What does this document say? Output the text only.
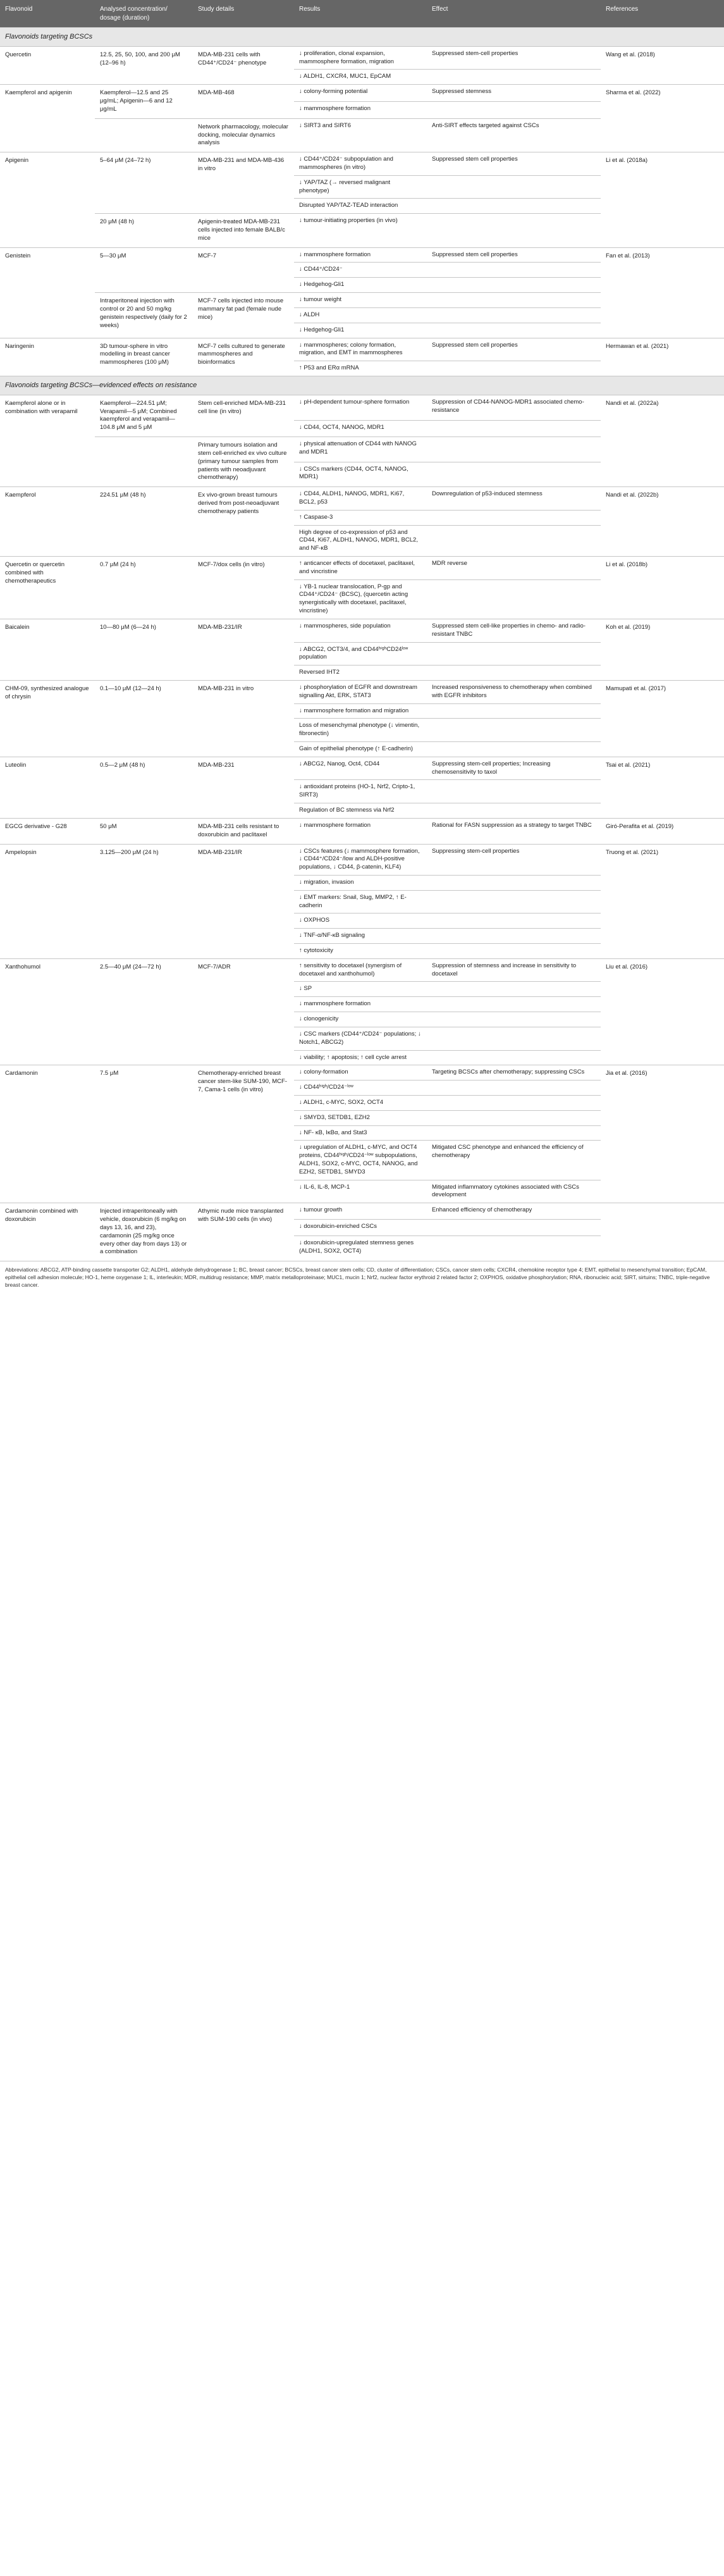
Flavonoid	Analysed concentration/ dosage (duration)	Study details	Results	Effect	References
Flavonoids targeting BCSCs					
Quercetin	12.5, 25, 50, 100, and 200 μM (12–96 h)	MDA-MB-231 cells with CD44⁺/CD24⁻ phenotype	↓ proliferation, clonal expansion, mammosphere formation, migration	Suppressed stem-cell properties	Wang et al. (2018)
			↓ ALDH1, CXCR4, MUC1, EpCAM		
Kaempferol and apigenin	Kaempferol—12.5 and 25 μg/mL; Apigenin—6 and 12 μg/mL	MDA-MB-468	↓ colony-forming potential	Suppressed stemness	Sharma et al. (2022)
			↓ mammosphere formation		
		Network pharmacology, molecular docking, molecular dynamics analysis	↓ SIRT3 and SIRT6	Anti-SIRT effects targeted against CSCs	
Apigenin	5–64 μM (24–72 h)	MDA-MB-231 and MDA-MB-436 in vitro	↓ CD44⁺/CD24⁻ subpopulation and mammospheres (in vitro)	Suppressed stem cell properties	Li et al. (2018a)
			↓ YAP/TAZ (→ reversed malignant phenotype)		
			Disrupted YAP/TAZ-TEAD interaction		
	20 μM (48 h)	Apigenin-treated MDA-MB-231 cells injected into female BALB/c mice	↓ tumour-initiating properties (in vivo)		
Genistein	5—30 μM	MCF-7	↓ mammosphere formation	Suppressed stem cell properties	Fan et al. (2013)
			↓ CD44⁺/CD24⁻		
			↓ Hedgehog-Gli1		
	Intraperitoneal injection with control or 20 and 50 mg/kg genistein respectively (daily for 2 weeks)	MCF-7 cells injected into mouse mammary fat pad (female nude mice)	↓ tumour weight		
			↓ ALDH		
			↓ Hedgehog-Gli1		
Naringenin	3D tumour-sphere in vitro modelling in breast cancer mammospheres (100 μM)	MCF-7 cells cultured to generate mammospheres and bioinformatics	↓ mammospheres; colony formation, migration, and EMT in mammospheres	Suppressed stem cell properties	Hermawan et al. (2021)
			↑ P53 and ERα mRNA		
Flavonoids targeting BCSCs—evidenced effects on resistance					
Kaempferol alone or in combination with verapamil	Kaempferol—224.51 μM; Verapamil—5 μM; Combined kaempferol and verapamil—104.8 μM and 5 μM	Stem cell-enriched MDA-MB-231 cell line (in vitro)	↓ pH-dependent tumour-sphere formation	Suppression of CD44-NANOG-MDR1 associated chemo-resistance	Nandi et al. (2022a)
			↓ CD44, OCT4, NANOG, MDR1		
		Primary tumours isolation and stem cell-enriched ex vivo culture (primary tumour samples from patients with neoadjuvant chemotherapy)	↓ physical attenuation of CD44 with NANOG and MDR1		
			↓ CSCs markers (CD44, OCT4, NANOG, MDR1)		
Kaempferol	224.51 μM (48 h)	Ex vivo-grown breast tumours derived from post-neoadjuvant chemotherapy patients	↓ CD44, ALDH1, NANOG, MDR1, Ki67, BCL2, p53	Downregulation of p53-induced stemness	Nandi et al. (2022b)
			↑ Caspase-3		
			High degree of co-expression of p53 and CD44, Ki67, ALDH1, NANOG, MDR1, BCL2, and NF-κB		
Quercetin or quercetin combined with chemotherapeutics	0.7 μM (24 h)	MCF-7/dox cells (in vitro)	↑ anticancer effects of docetaxel, paclitaxel, and vincristine	MDR reverse	Li et al. (2018b)
			↓ YB-1 nuclear translocation, P-gp and CD44⁺/CD24⁻ (BCSC), (quercetin acting synergistically with docetaxel, paclitaxel, vincristine)		
Baicalein	10—80 μM (6—24 h)	MDA-MB-231/IR	↓ mammospheres, side population	Suppressed stem cell-like properties in chemo- and radio-resistant TNBC	Koh et al. (2019)
			↓ ABCG2, OCT3/4, and CD44ʰⁱᵍʰCD24ˡᵒʷ population		
			Reversed IHT2		
CHM-09, synthesized analogue of chrysin	0.1—10 μM (12—24 h)	MDA-MB-231 in vitro	↓ phosphorylation of EGFR and downstream signalling Akt, ERK, STAT3	Increased responsiveness to chemotherapy when combined with EGFR inhibitors	Mamupati et al. (2017)
			↓ mammosphere formation and migration		
			Loss of mesenchymal phenotype (↓ vimentin, fibronectin)		
			Gain of epithelial phenotype (↑ E-cadherin)		
Luteolin	0.5—2 μM (48 h)	MDA-MB-231	↓ ABCG2, Nanog, Oct4, CD44	Suppressing stem-cell properties; Increasing chemosensitivity to taxol	Tsai et al. (2021)
			↓ antioxidant proteins (HO-1, Nrf2, Cripto-1, SIRT3)		
			Regulation of BC stemness via Nrf2		
EGCG derivative - G28	50 μM	MDA-MB-231 cells resistant to doxorubicin and paclitaxel	↓ mammosphere formation	Rational for FASN suppression as a strategy to target TNBC	Giró-Perafita et al. (2019)
Ampelopsin	3.125—200 μM (24 h)	MDA-MB-231/IR	↓ CSCs features (↓ mammosphere formation, ↓ CD44⁺/CD24⁻/low and ALDH-positive populations, ↓ CD44, β-catenin, KLF4)	Suppressing stem-cell properties	Truong et al. (2021)
			↓ migration, invasion		
			↓ EMT markers: Snail, Slug, MMP2, ↑ E-cadherin		
			↓ OXPHOS		
			↓ TNF-α/NF-κB signaling		
			↑ cytotoxicity		
Xanthohumol	2.5—40 μM (24—72 h)	MCF-7/ADR	↑ sensitivity to docetaxel (synergism of docetaxel and xanthohumol)	Suppression of stemness and increase in sensitivity to docetaxel	Liu et al. (2016)
			↓ SP		
			↓ mammosphere formation		
			↓ clonogenicity		
			↓ CSC markers (CD44⁺/CD24⁻ populations; ↓ Notch1, ABCG2)		
			↓ viability; ↑ apoptosis; ↑ cell cycle arrest		
Cardamonin	7.5 μM	Chemotherapy-enriched breast cancer stem-like SUM-190, MCF-7, Cama-1 cells (in vitro)	↓ colony-formation	Targeting BCSCs after chemotherapy; suppressing CSCs	Jia et al. (2016)
			↓ CD44ʰⁱᵍʰ/CD24⁻ˡᵒʷ		
			↓ ALDH1, c-MYC, SOX2, OCT4		
			↓ SMYD3, SETDB1, EZH2		
			↓ NF- κB, IκBα, and Stat3		
			↓ upregulation of ALDH1, c-MYC, and OCT4 proteins, CD44ʰⁱᵍʰ/CD24⁻ˡᵒʷ subpopulations, ALDH1, SOX2, c-MYC, OCT4, NANOG, and EZH2, SETDB1, SMYD3	Mitigated CSC phenotype and enhanced the efficiency of chemotherapy	
			↓ IL-6, IL-8, MCP-1	Mitigated inflammatory cytokines associated with CSCs development	
Cardamonin combined with doxorubicin	Injected intraperitoneally with vehicle, doxorubicin (6 mg/kg on days 13, 16, and 23), cardamonin (25 mg/kg once every other day from days 13) or a combination	Athymic nude mice transplanted with SUM-190 cells (in vivo)	↓ tumour growth	Enhanced efficiency of chemotherapy	
			↓ doxorubicin-enriched CSCs		
			↓ doxorubicin-upregulated stemness genes (ALDH1, SOX2, OCT4)		
Abbreviations: ABCG2, ATP-binding cassette transporter G2; ALDH1, aldehyde dehydrogenase 1; BC, breast cancer; BCSCs, breast cancer stem cells; CD, cluster of differentiation; CSCs, cancer stem cells; CXCR4, chemokine receptor type 4; EMT, epithelial to mesenchymal transition; EpCAM, epithelial cell adhesion molecule; HO-1, heme oxygenase 1; IL, interleukin; MDR, multidrug resistance; MMP, matrix metalloproteinase; MUC1, mucin 1; Nrf2, nuclear factor erythroid 2 related factor 2; OXPHOS, oxidative phosphorylation; RNA, ribonucleic acid; SIRT, sirtuins; TNBC, triple-negative breast cancer.
